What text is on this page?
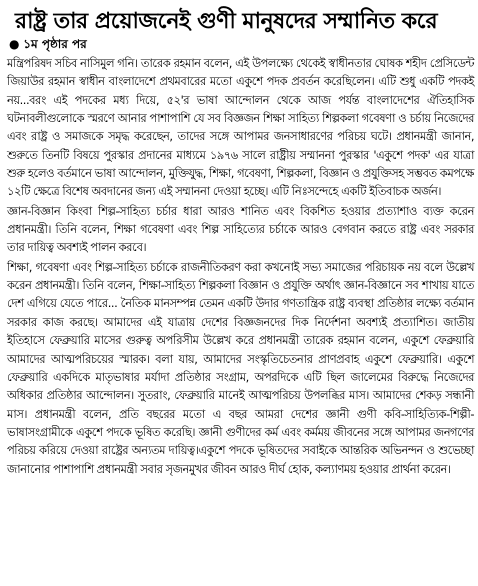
রাষ্ট্র তার প্রয়োজনেই গুণী মানুষদের সম্মানিত করে
● ১ম পৃষ্ঠার পর

মন্ত্রিপরিষদ সচিব নাসিমুল গনি। তারেক রহমান বলেন, এই উপলক্ষ্যে থেকেই স্বাধীনতার ঘোষক শহীদ প্রেসিডেন্ট জিয়াউর রহমান স্বাধীন বাংলাদেশে প্রথমবারের মতো একুশে পদক প্রবর্তন করেছিলেন। এটি শুধু একটি পদকই নয়...বরং এই পদকের মধ্য দিয়ে, ৫২'র ভাষা আন্দোলন থেকে আজ পর্যন্ত বাংলাদেশের ঐতিহাসিক ঘটনাবলীগুলোকে স্মরণে আনার পাশাপাশি যে সব বিজ্ঞজন শিক্ষা সাহিত্য শিল্পকলা গবেষণা ও চর্চায় নিজেদের এবং রাষ্ট্র ও সমাজকে সমৃদ্ধ করেছেন, তাদের সঙ্গে আপামর জনসাধারণের পরিচয় ঘটে। প্রধানমন্ত্রী জানান, শুরুতে তিনটি বিষয়ে পুরস্কার প্রদানের মাধ্যমে ১৯৭৬ সালে রাষ্ট্রীয় সম্মাননা পুরস্কার 'একুশে পদক' এর যাত্রা শুরু হলেও বর্তমানে ভাষা আন্দোলন, মুক্তিযুদ্ধ, শিক্ষা, গবেষণা, শিল্পকলা, বিজ্ঞান ও প্রযুক্তিসহ সম্ভবত কমপক্ষে ১২টি ক্ষেত্রে বিশেষ অবদানের জন্য এই সম্মাননা দেওয়া হচ্ছে। এটি নিঃসন্দেহে একটি ইতিবাচক অর্জন।

জ্ঞান-বিজ্ঞান কিংবা শিল্প-সাহিত্য চর্চার ধারা আরও শানিত এবং বিকশিত হওয়ার প্রত্যাশাও ব্যক্ত করেন প্রধানমন্ত্রী। তিনি বলেন, শিক্ষা গবেষণা এবং শিল্প সাহিত্যের চর্চাকে আরও বেগবান করতে রাষ্ট্র এবং সরকার তার দায়িত্ব অবশ্যই পালন করবে।

শিক্ষা, গবেষণা এবং শিল্প-সাহিত্য চর্চাকে রাজনীতিকরণ করা কখনোই সভ্য সমাজের পরিচায়ক নয় বলে উল্লেখ করেন প্রধানমন্ত্রী। তিনি বলেন, শিক্ষা-সাহিত্য শিল্পকলা বিজ্ঞান ও প্রযুক্তি অর্থাৎ জ্ঞান-বিজ্ঞানে সব শাখায় যাতে দেশ এগিয়ে যেতে পারে... নৈতিক মানসম্পন্ন তেমন একটি উদার গণতান্ত্রিক রাষ্ট্র ব্যবস্থা প্রতিষ্ঠার লক্ষ্যে বর্তমান সরকার কাজ করছে। আমাদের এই যাত্রায় দেশের বিজ্ঞজনদের দিক নির্দেশনা অবশ্যই প্রত্যাশিত। জাতীয় ইতিহাসে ফেব্রুয়ারি মাসের গুরুত্ব অপরিসীম উল্লেখ করে প্রধানমন্ত্রী তারেক রহমান বলেন, একুশে ফেব্রুয়ারি আমাদের আত্মপরিচয়ের স্মারক। বলা যায়, আমাদের সংস্কৃতিচেতনার প্রাণপ্রবাহ একুশে ফেব্রুয়ারি। একুশে ফেব্রুয়ারি একদিকে মাতৃভাষার মর্যাদা প্রতিষ্ঠার সংগ্রাম, অপরদিকে এটি ছিল জালেমের বিরুদ্ধে নিজেদের অধিকার প্রতিষ্ঠার আন্দোলন। সুতরাং, ফেব্রুয়ারি মানেই আত্মপরিচয় উপলব্ধির মাস। আমাদের শেকড় সন্ধানী মাস। প্রধানমন্ত্রী বলেন, প্রতি বছরের মতো এ বছর আমরা দেশের জ্ঞানী গুণী কবি-সাহিত্যিক-শিল্পী-ভাষাসংগ্রামীকে একুশে পদকে ভূষিত করেছি। জ্ঞানী গুণীদের কর্ম এবং কর্মময় জীবনের সঙ্গে আপামর জনগণের পরিচয় করিয়ে দেওয়া রাষ্ট্রের অন্যতম দায়িত্ব।একুশে পদকে ভূষিতদের সবাইকে আন্তরিক অভিনন্দন ও শুভেচ্ছা জানানোর পাশাপাশি প্রধানমন্ত্রী সবার সৃজনমুখর জীবন আরও দীর্ঘ হোক, কল্যাণময় হওয়ার প্রার্থনা করেন।
